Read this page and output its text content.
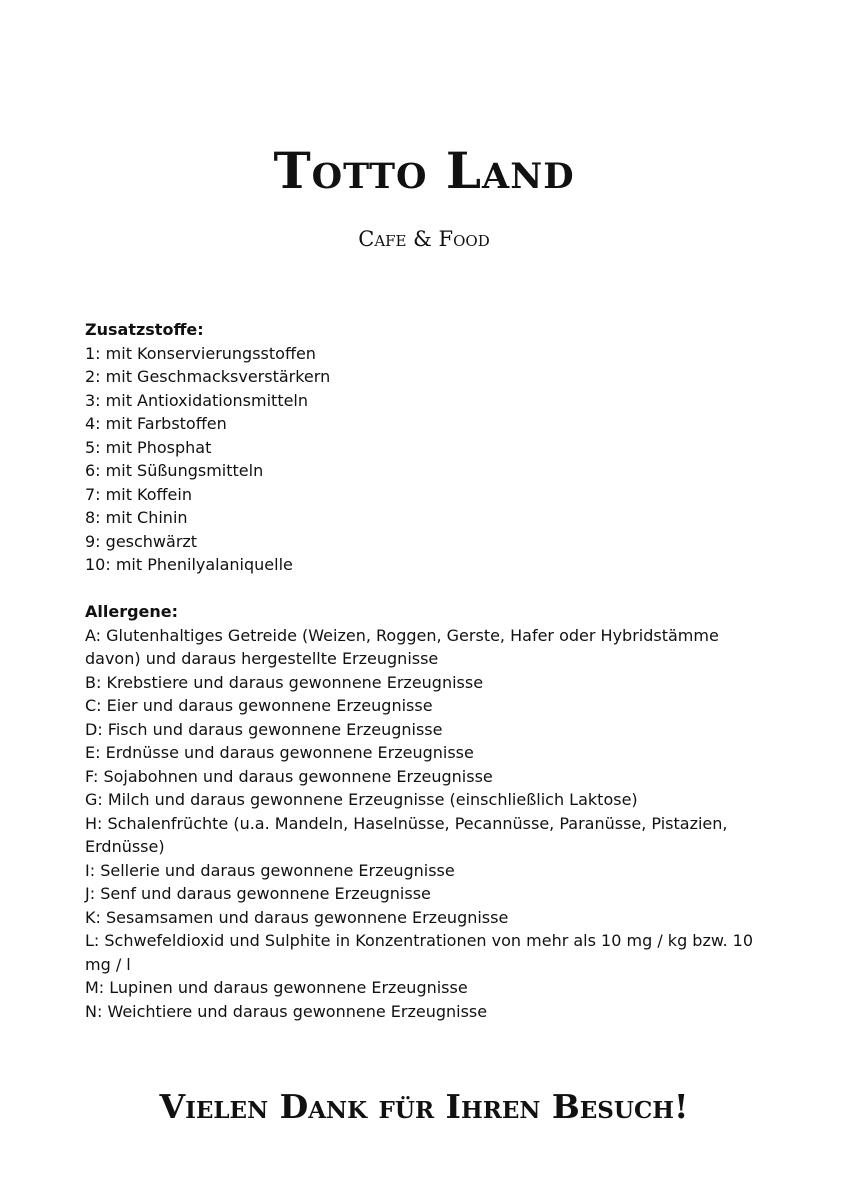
Totto Land
Cafe & Food
Zusatzstoffe:
1: mit Konservierungsstoffen
2: mit Geschmacksverstärkern
3: mit Antioxidationsmitteln
4: mit Farbstoffen
5: mit Phosphat
6: mit Süßungsmitteln
7: mit Koffein
8: mit Chinin
9: geschwärzt
10: mit Phenilyalaniquelle
Allergene:
A: Glutenhaltiges Getreide (Weizen, Roggen, Gerste, Hafer oder Hybridstämme davon) und daraus hergestellte Erzeugnisse
B: Krebstiere und daraus gewonnene Erzeugnisse
C: Eier und daraus gewonnene Erzeugnisse
D: Fisch und daraus gewonnene Erzeugnisse
E: Erdnüsse und daraus gewonnene Erzeugnisse
F: Sojabohnen und daraus gewonnene Erzeugnisse
G: Milch und daraus gewonnene Erzeugnisse (einschließlich Laktose)
H: Schalenfrüchte (u.a. Mandeln, Haselnüsse, Pecannüsse, Paranüsse, Pistazien, Erdnüsse)
I: Sellerie und daraus gewonnene Erzeugnisse
J: Senf und daraus gewonnene Erzeugnisse
K: Sesamsamen und daraus gewonnene Erzeugnisse
L: Schwefeldioxid und Sulphite in Konzentrationen von mehr als 10 mg / kg bzw. 10 mg / l
M: Lupinen und daraus gewonnene Erzeugnisse
N: Weichtiere und daraus gewonnene Erzeugnisse
Vielen Dank für Ihren Besuch!
